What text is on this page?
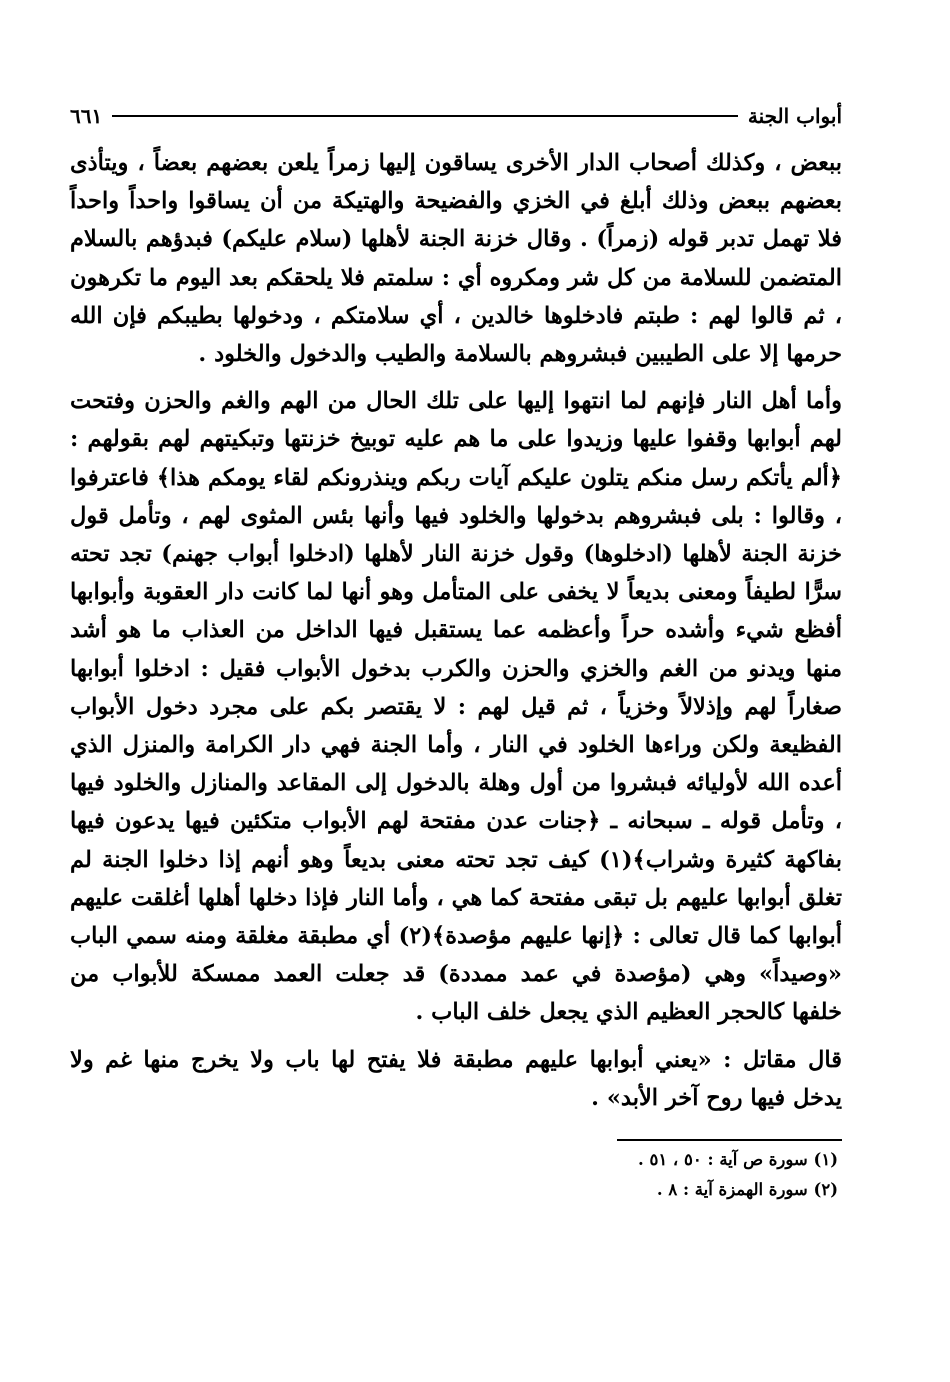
أبواب الجنة
٦٦١

ببعض ، وكذلك أصحاب الدار الأخرى يساقون إليها زمراً يلعن بعضهم بعضاً ، ويتأذى بعضهم ببعض وذلك أبلغ في الخزي والفضيحة والهتيكة من أن يساقوا واحداً واحداً فلا تهمل تدبر قوله (زمراً) . وقال خزنة الجنة لأهلها (سلام عليكم) فبدؤهم بالسلام المتضمن للسلامة من كل شر ومكروه أي : سلمتم فلا يلحقكم بعد اليوم ما تكرهون ، ثم قالوا لهم : طبتم فادخلوها خالدين ، أي سلامتكم ، ودخولها بطيبكم فإن الله حرمها إلا على الطيبين فبشروهم بالسلامة والطيب والدخول والخلود .

وأما أهل النار فإنهم لما انتهوا إليها على تلك الحال من الهم والغم والحزن وفتحت لهم أبوابها وقفوا عليها وزيدوا على ما هم عليه توبيخ خزنتها وتبكيتهم لهم بقولهم : ﴿ألم يأتكم رسل منكم يتلون عليكم آيات ربكم وينذرونكم لقاء يومكم هذا﴾ فاعترفوا ، وقالوا : بلى فبشروهم بدخولها والخلود فيها وأنها بئس المثوى لهم ، وتأمل قول خزنة الجنة لأهلها (ادخلوها) وقول خزنة النار لأهلها (ادخلوا أبواب جهنم) تجد تحته سرًّا لطيفاً ومعنى بديعاً لا يخفى على المتأمل وهو أنها لما كانت دار العقوبة وأبوابها أفظع شيء وأشده حراً وأعظمه عما يستقبل فيها الداخل من العذاب ما هو أشد منها ويدنو من الغم والخزي والحزن والكرب بدخول الأبواب فقيل : ادخلوا أبوابها صغاراً لهم وإذلالاً وخزياً ، ثم قيل لهم : لا يقتصر بكم على مجرد دخول الأبواب الفظيعة ولكن وراءها الخلود في النار ، وأما الجنة فهي دار الكرامة والمنزل الذي أعده الله لأوليائه فبشروا من أول وهلة بالدخول إلى المقاعد والمنازل والخلود فيها ، وتأمل قوله ـ سبحانه ـ ﴿جنات عدن مفتحة لهم الأبواب متكئين فيها يدعون فيها بفاكهة كثيرة وشراب﴾(١) كيف تجد تحته معنى بديعاً وهو أنهم إذا دخلوا الجنة لم تغلق أبوابها عليهم بل تبقى مفتحة كما هي ، وأما النار فإذا دخلها أهلها أغلقت عليهم أبوابها كما قال تعالى : ﴿إنها عليهم مؤصدة﴾(٢) أي مطبقة مغلقة ومنه سمي الباب «وصيداً» وهي (مؤصدة في عمد ممددة) قد جعلت العمد ممسكة للأبواب من خلفها كالحجر العظيم الذي يجعل خلف الباب .

قال مقاتل : «يعني أبوابها عليهم مطبقة فلا يفتح لها باب ولا يخرج منها غم ولا يدخل فيها روح آخر الأبد» .

(١) سورة ص آية : ٥٠ ، ٥١ .

(٢) سورة الهمزة آية : ٨ .
